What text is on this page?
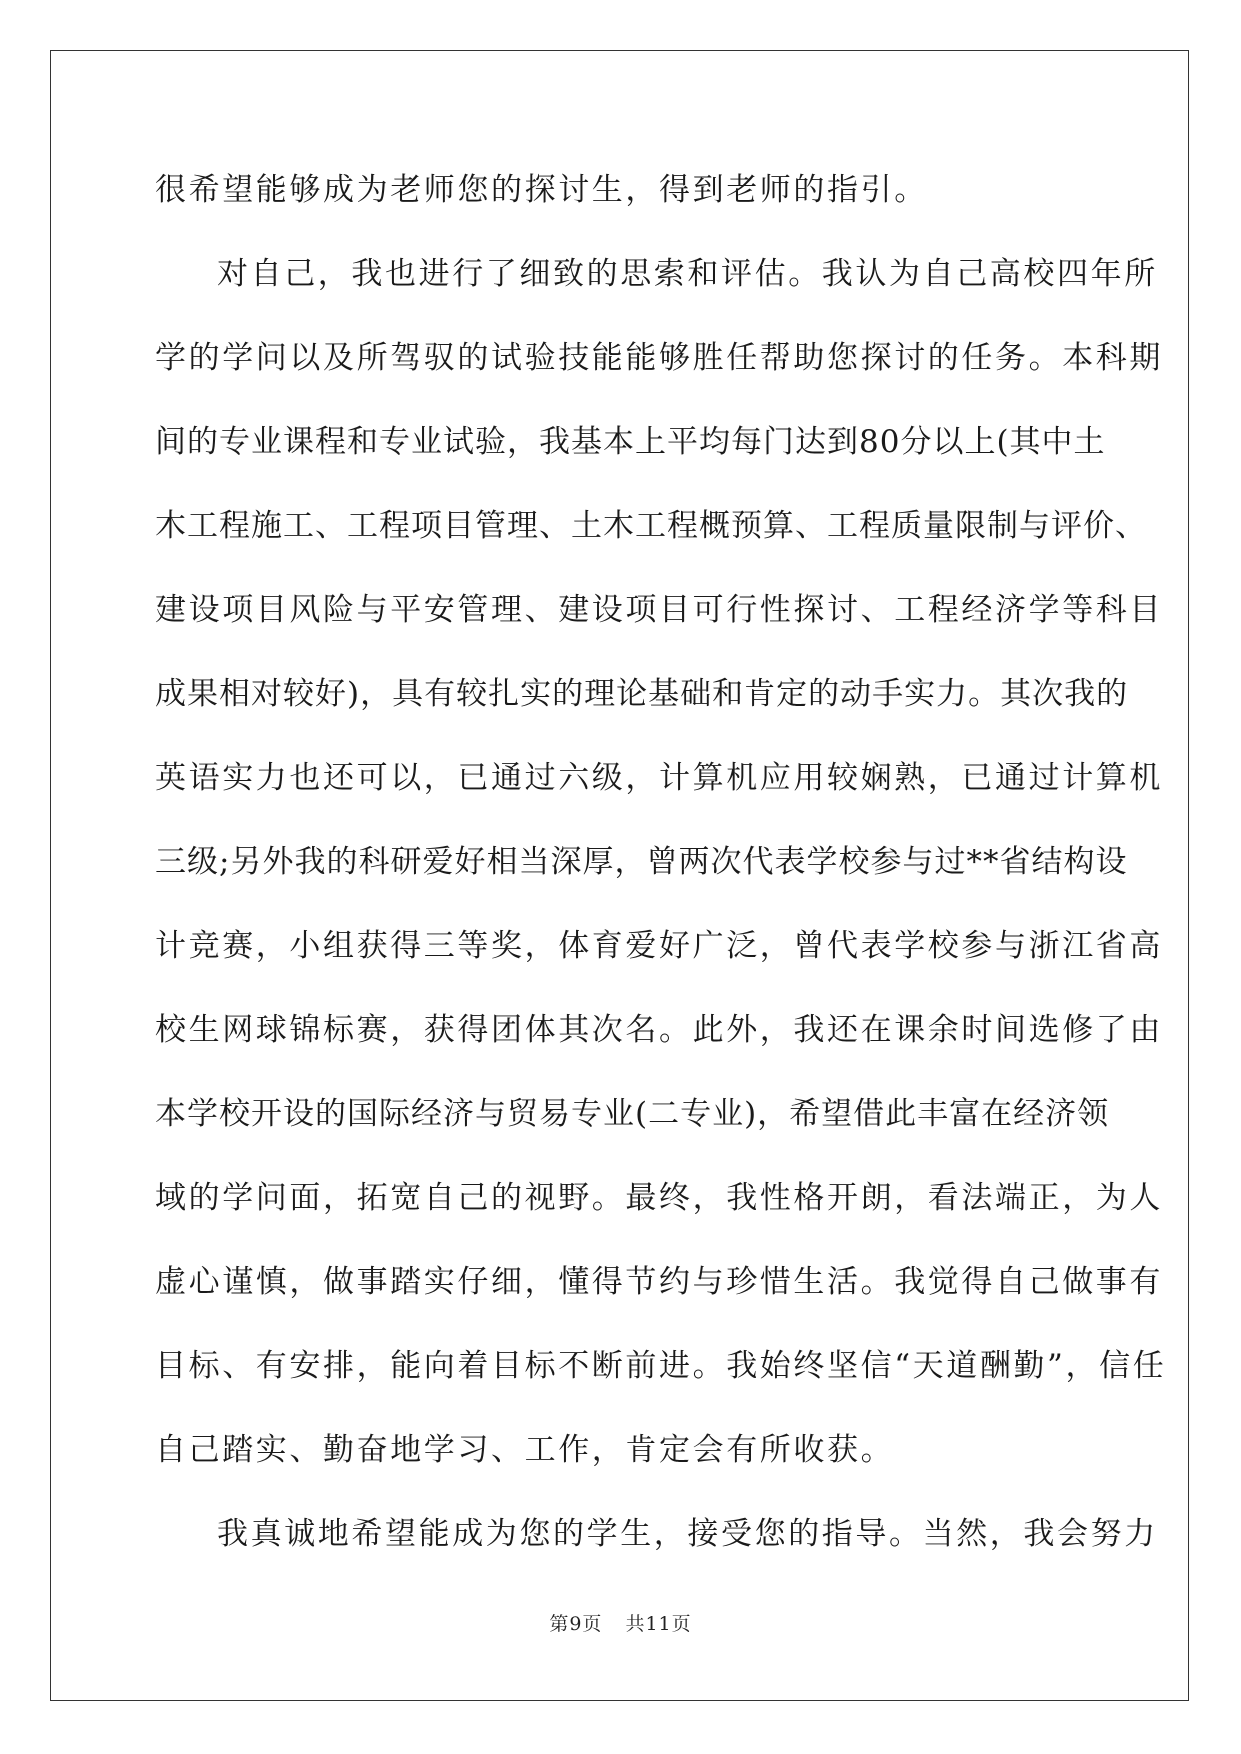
很希望能够成为老师您的探讨生，得到老师的指引。
对自己，我也进行了细致的思索和评估。我认为自己高校四年所
学的学问以及所驾驭的试验技能能够胜任帮助您探讨的任务。本科期
间的专业课程和专业试验，我基本上平均每门达到80分以上(其中土
木工程施工、工程项目管理、土木工程概预算、工程质量限制与评价、
建设项目风险与平安管理、建设项目可行性探讨、工程经济学等科目
成果相对较好)，具有较扎实的理论基础和肯定的动手实力。其次我的
英语实力也还可以，已通过六级，计算机应用较娴熟，已通过计算机
三级;另外我的科研爱好相当深厚，曾两次代表学校参与过**省结构设
计竞赛，小组获得三等奖，体育爱好广泛，曾代表学校参与浙江省高
校生网球锦标赛，获得团体其次名。此外，我还在课余时间选修了由
本学校开设的国际经济与贸易专业(二专业)，希望借此丰富在经济领
域的学问面，拓宽自己的视野。最终，我性格开朗，看法端正，为人
虚心谨慎，做事踏实仔细，懂得节约与珍惜生活。我觉得自己做事有
目标、有安排，能向着目标不断前进。我始终坚信“天道酬勤”，信任
自己踏实、勤奋地学习、工作，肯定会有所收获。
我真诚地希望能成为您的学生，接受您的指导。当然，我会努力
第9页 共11页
